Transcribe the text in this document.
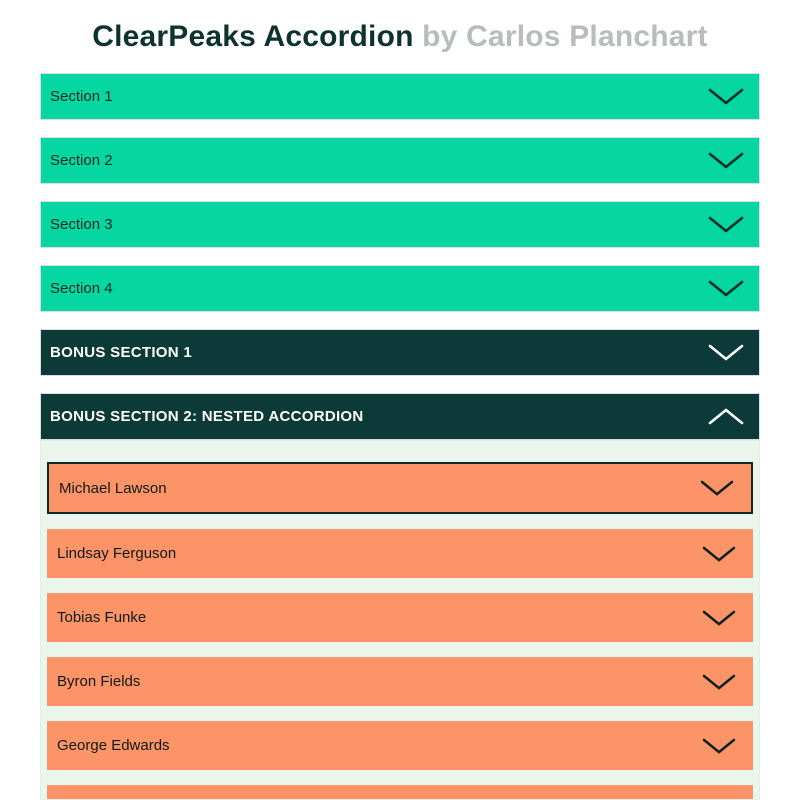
ClearPeaks Accordion by Carlos Planchart
Section 1
Section 2
Section 3
Section 4
BONUS SECTION 1
BONUS SECTION 2: NESTED ACCORDION
Michael Lawson
Lindsay Ferguson
Tobias Funke
Byron Fields
George Edwards
